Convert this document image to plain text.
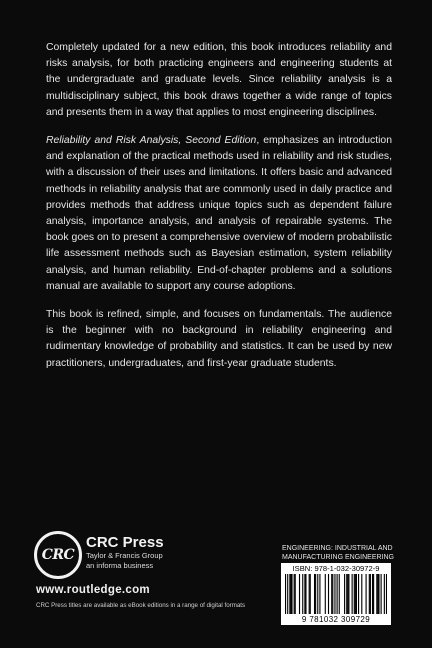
Completely updated for a new edition, this book introduces reliability and risks analysis, for both practicing engineers and engineering students at the undergraduate and graduate levels. Since reliability analysis is a multidisciplinary subject, this book draws together a wide range of topics and presents them in a way that applies to most engineering disciplines.

Reliability and Risk Analysis, Second Edition, emphasizes an introduction and explanation of the practical methods used in reliability and risk studies, with a discussion of their uses and limitations. It offers basic and advanced methods in reliability analysis that are commonly used in daily practice and provides methods that address unique topics such as dependent failure analysis, importance analysis, and analysis of repairable systems. The book goes on to present a comprehensive overview of modern probabilistic life assessment methods such as Bayesian estimation, system reliability analysis, and human reliability. End-of-chapter problems and a solutions manual are available to support any course adoptions.

This book is refined, simple, and focuses on fundamentals. The audience is the beginner with no background in reliability engineering and rudimentary knowledge of probability and statistics. It can be used by new practitioners, undergraduates, and first-year graduate students.

CRC
CRC Press
Taylor & Francis Group
an informa business
www.routledge.com
CRC Press titles are available as eBook editions in a range of digital formats
ENGINEERING: INDUSTRIAL AND
MANUFACTURING ENGINEERING
ISBN: 978-1-032-30972-9
9 781032 309729
